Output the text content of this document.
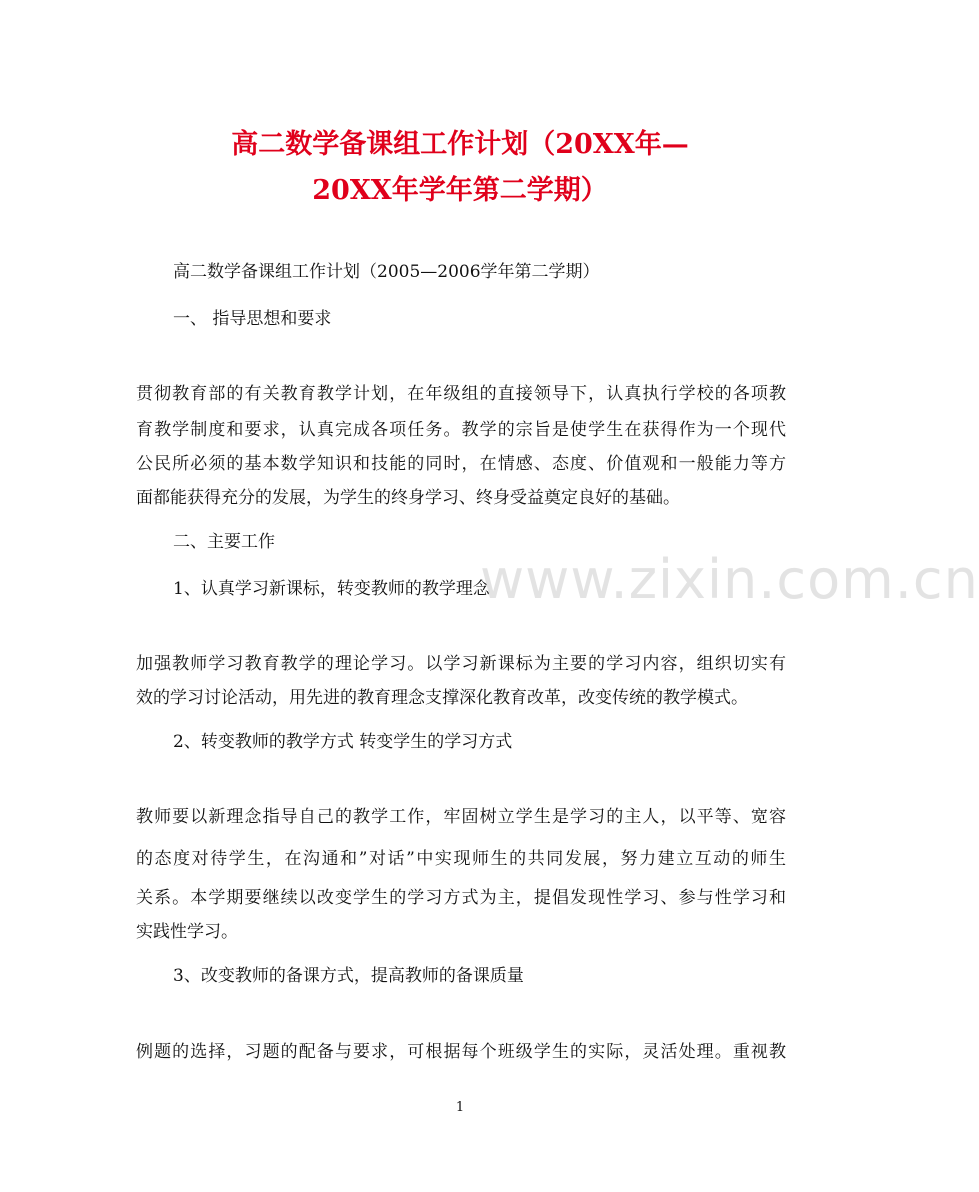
高二数学备课组工作计划（20XX年—
20XX年学年第二学期）
高二数学备课组工作计划（2005—2006学年第二学期）
一、 指导思想和要求
贯彻教育部的有关教育教学计划，在年级组的直接领导下，认真执行学校的各项教
育教学制度和要求，认真完成各项任务。教学的宗旨是使学生在获得作为一个现代
公民所必须的基本数学知识和技能的同时，在情感、态度、价值观和一般能力等方
面都能获得充分的发展，为学生的终身学习、终身受益奠定良好的基础。
二、主要工作
1、认真学习新课标，转变教师的教学理念
加强教师学习教育教学的理论学习。以学习新课标为主要的学习内容，组织切实有
效的学习讨论活动，用先进的教育理念支撑深化教育改革，改变传统的教学模式。
2、转变教师的教学方式 转变学生的学习方式
教师要以新理念指导自己的教学工作，牢固树立学生是学习的主人，以平等、宽容
的态度对待学生，在沟通和”对话”中实现师生的共同发展，努力建立互动的师生
关系。本学期要继续以改变学生的学习方式为主，提倡发现性学习、参与性学习和
实践性学习。
3、改变教师的备课方式，提高教师的备课质量
例题的选择，习题的配备与要求，可根据每个班级学生的实际，灵活处理。重视教
www.zixin.com.cn
1
